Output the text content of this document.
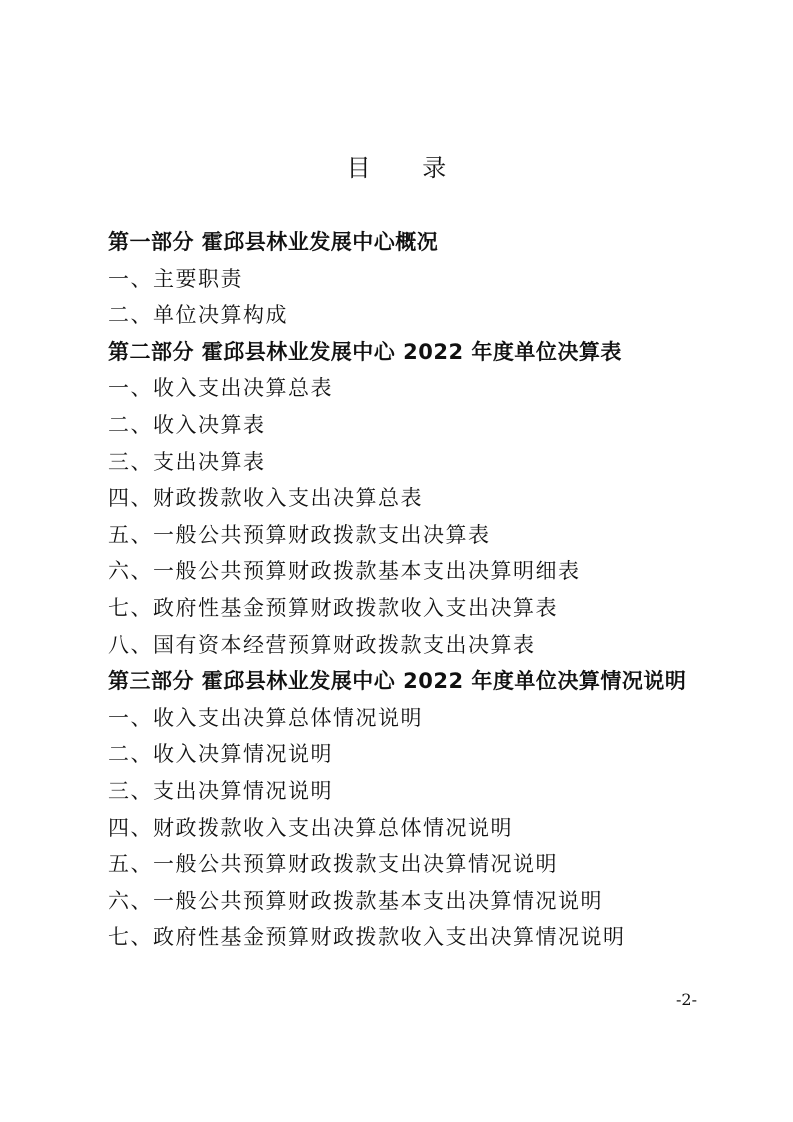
目 录
第一部分 霍邱县林业发展中心概况
一、主要职责
二、单位决算构成
第二部分 霍邱县林业发展中心 2022 年度单位决算表
一、收入支出决算总表
二、收入决算表
三、支出决算表
四、财政拨款收入支出决算总表
五、一般公共预算财政拨款支出决算表
六、一般公共预算财政拨款基本支出决算明细表
七、政府性基金预算财政拨款收入支出决算表
八、国有资本经营预算财政拨款支出决算表
第三部分 霍邱县林业发展中心 2022 年度单位决算情况说明
一、收入支出决算总体情况说明
二、收入决算情况说明
三、支出决算情况说明
四、财政拨款收入支出决算总体情况说明
五、一般公共预算财政拨款支出决算情况说明
六、一般公共预算财政拨款基本支出决算情况说明
七、政府性基金预算财政拨款收入支出决算情况说明
-2-
